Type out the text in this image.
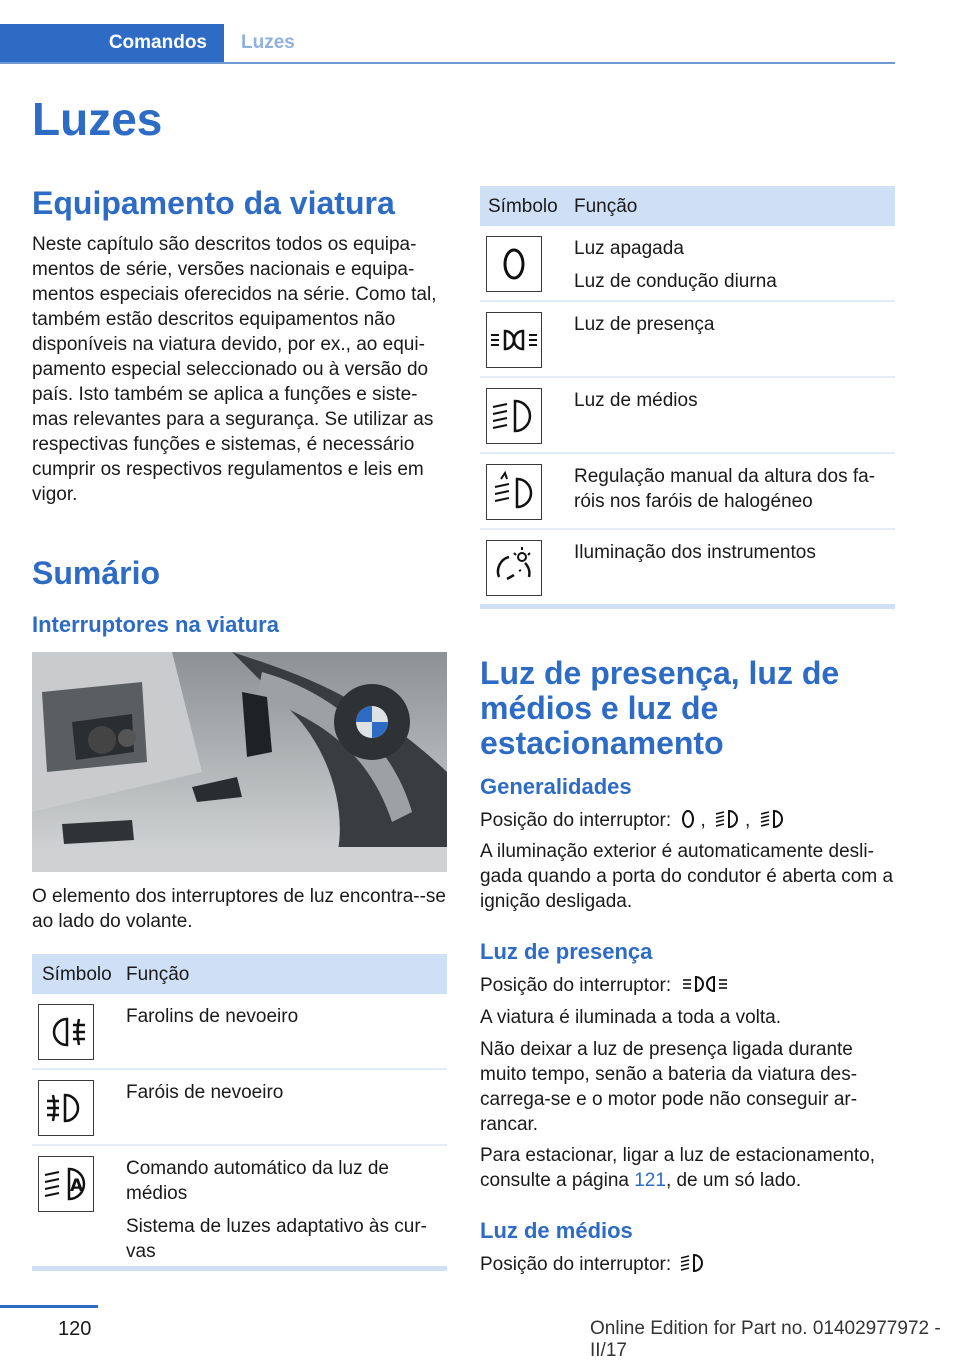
Comandos Luzes
Luzes
Equipamento da viatura

Neste capítulo são descritos todos os equipa-mentos de série, versões nacionais e equipa-mentos especiais oferecidos na série. Como tal, também estão descritos equipamentos não disponíveis na viatura devido, por ex., ao equi-pamento especial seleccionado ou à versão do país. Isto também se aplica a funções e siste-mas relevantes para a segurança. Se utilizar as respectivas funções e sistemas, é necessário cumprir os respectivos regulamentos e leis em vigor.

Sumário
Interruptores na viatura

O elemento dos interruptores de luz encontra--se ao lado do volante.

Símbolo Função
Farolins de nevoeiro
Faróis de nevoeiro
A
Comando automático da luz de médios
Sistema de luzes adaptativo às cur-vas
Símbolo Função
Luz apagada
Luz de condução diurna
Luz de presença
Luz de médios
Regulação manual da altura dos fa-róis nos faróis de halogéneo
Iluminação dos instrumentos
Luz de presença, luz de médios e luz de estacionamento
Generalidades

Posição do interruptor: , ,

A iluminação exterior é automaticamente desli-gada quando a porta do condutor é aberta com a ignição desligada.

Luz de presença

Posição do interruptor:

A viatura é iluminada a toda a volta.

Não deixar a luz de presença ligada durante muito tempo, senão a bateria da viatura des-carrega-se e o motor pode não conseguir ar-rancar.

Para estacionar, ligar a luz de estacionamento, consulte a página 121, de um só lado.

Luz de médios

Posição do interruptor:

120	Online Edition for Part no. 01402977972 - II/17
